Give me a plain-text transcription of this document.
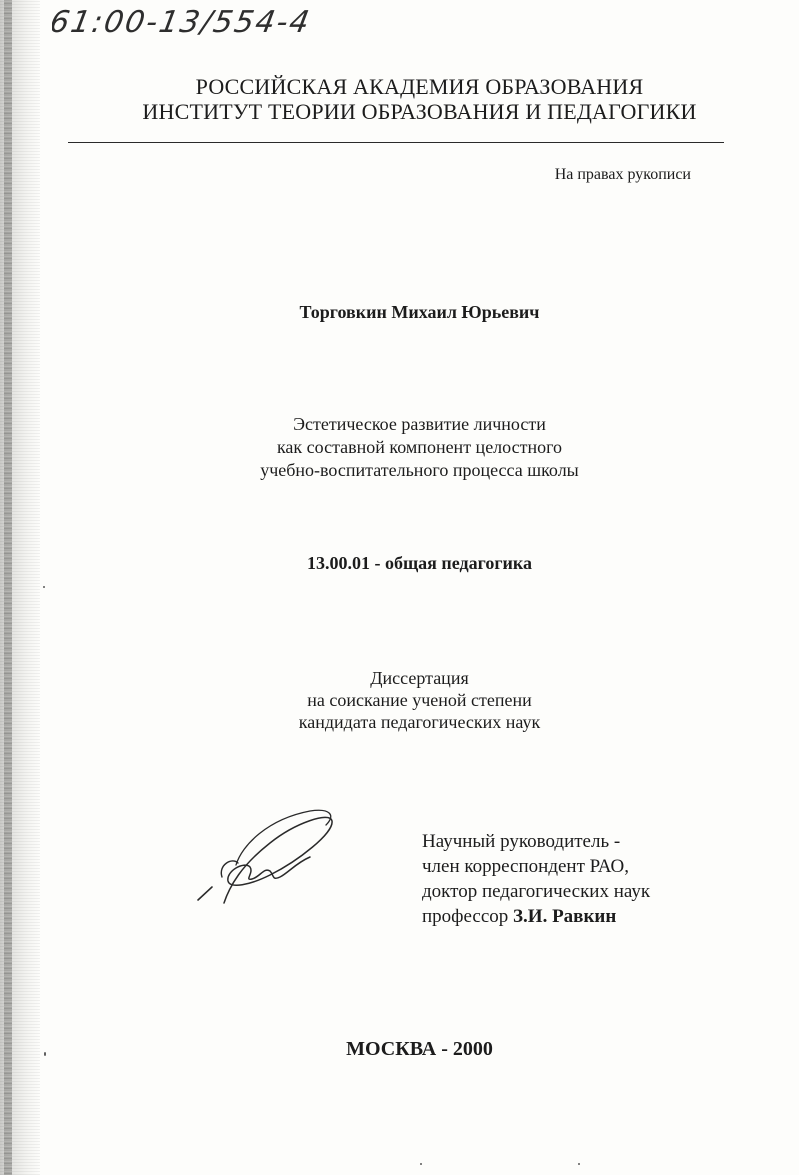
61:00-13/554-4
РОССИЙСКАЯ АКАДЕМИЯ ОБРАЗОВАНИЯ
ИНСТИТУТ ТЕОРИИ ОБРАЗОВАНИЯ И ПЕДАГОГИКИ
На правах рукописи
Торговкин Михаил Юрьевич
Эстетическое развитие личности
как составной компонент целостного
учебно-воспитательного процесса школы
13.00.01 - общая педагогика
Диссертация
на соискание ученой степени
кандидата педагогических наук
Научный руководитель -
член корреспондент РАО,
доктор педагогических наук
профессор З.И. Равкин
МОСКВА - 2000
